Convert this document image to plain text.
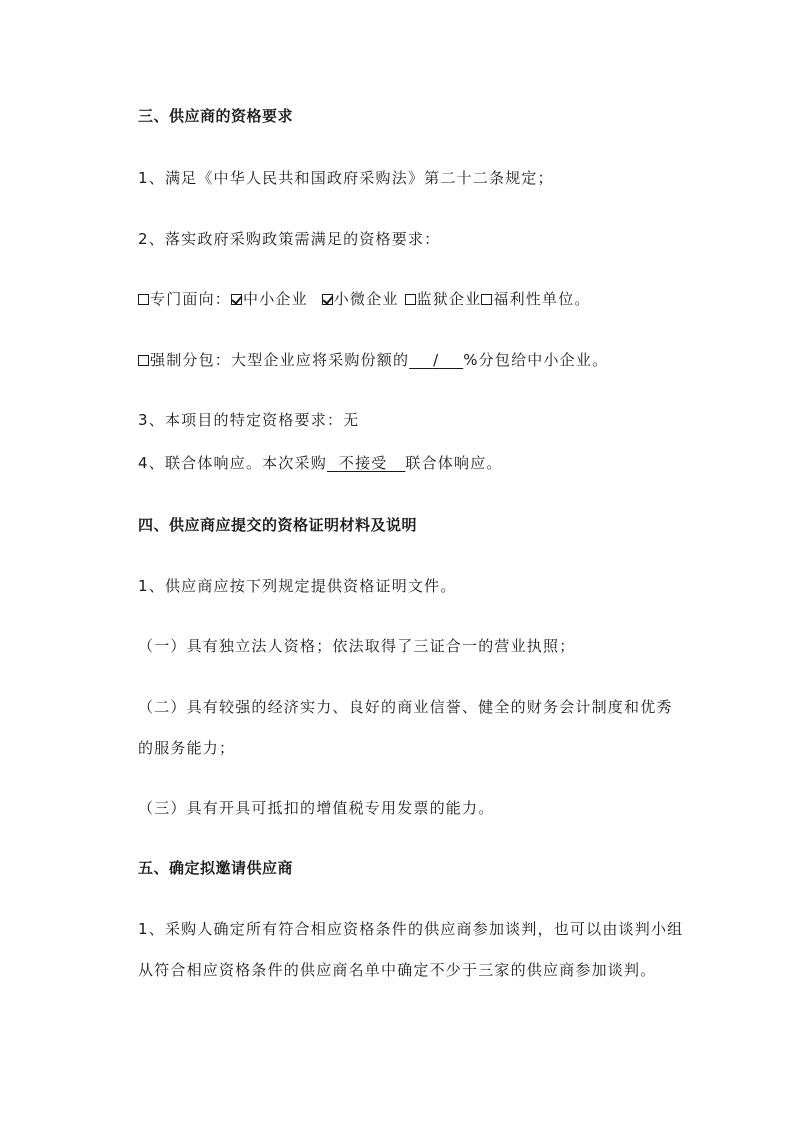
三、供应商的资格要求
1、满足《中华人民共和国政府采购法》第二十二条规定；
2、落实政府采购政策需满足的资格要求：
专门面向： 中小企业 小微企业 监狱企业 福利性单位。
强制分包：大型企业应将采购份额的 / %分包给中小企业。
3、本项目的特定资格要求：无
4、联合体响应。本次采购 不接受 联合体响应。
四、供应商应提交的资格证明材料及说明
1、供应商应按下列规定提供资格证明文件。
（一）具有独立法人资格；依法取得了三证合一的营业执照；
（二）具有较强的经济实力、良好的商业信誉、健全的财务会计制度和优秀
的服务能力；
（三）具有开具可抵扣的增值税专用发票的能力。
五、确定拟邀请供应商
1、采购人确定所有符合相应资格条件的供应商参加谈判，也可以由谈判小组
从符合相应资格条件的供应商名单中确定不少于三家的供应商参加谈判。
